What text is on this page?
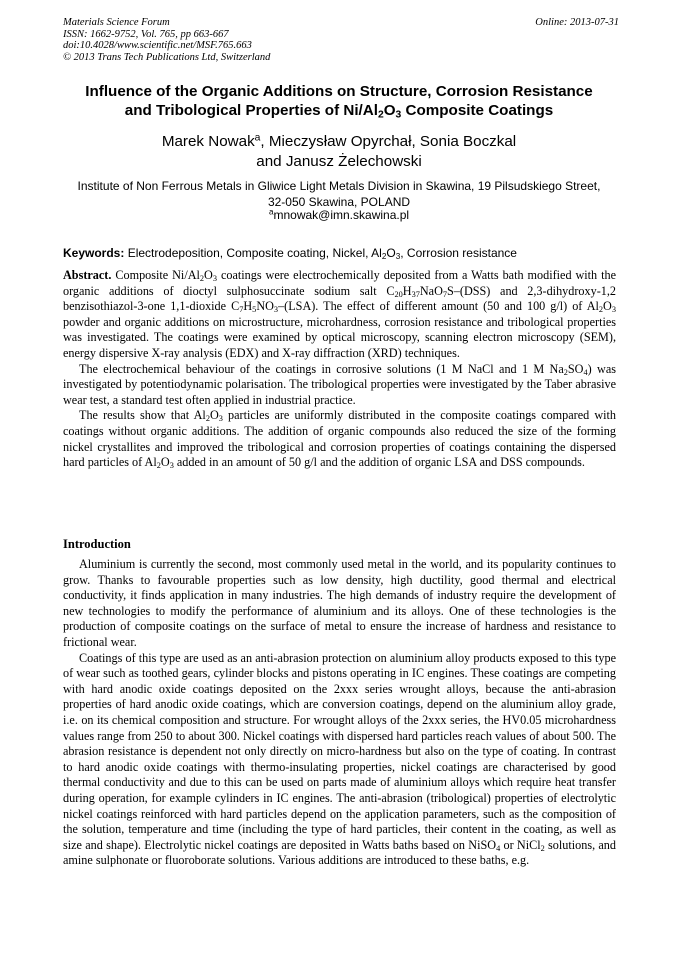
Materials Science Forum
ISSN: 1662-9752, Vol. 765, pp 663-667
doi:10.4028/www.scientific.net/MSF.765.663
© 2013 Trans Tech Publications Ltd, Switzerland
Online: 2013-07-31
Influence of the Organic Additions on Structure, Corrosion Resistance
and Tribological Properties of $Ni/Al_2O_3$ Composite Coatings
Marek Nowak$^a$, Mieczysław Opyrchał, Sonia Boczkal
and Janusz Żelechowski
Institute of Non Ferrous Metals in Gliwice Light Metals Division in Skawina, 19 Pilsudskiego Street,
32-050 Skawina, POLAND
$^a$mnowak@imn.skawina.pl
Keywords: Electrodeposition, Composite coating, Nickel, $Al_2O_3$, Corrosion resistance

Abstract. Composite $Ni/Al_2O_3$ coatings were electrochemically deposited from a Watts bath modified with the organic additions of dioctyl sulphosuccinate sodium salt $C_{20}H_{37}NaO_7S-(DSS)$ and 2,3-dihydroxy-1,2 benzisothiazol-3-one 1,1-dioxide $C_7H_5NO_3-(LSA)$. The effect of different amount (50 and 100 g/l) of $Al_2O_3$ powder and organic additions on microstructure, microhardness, corrosion resistance and tribological properties was investigated. The coatings were examined by optical microscopy, scanning electron microscopy (SEM), energy dispersive X-ray analysis (EDX) and X-ray diffraction (XRD) techniques.

The electrochemical behaviour of the coatings in corrosive solutions (1 M NaCl and 1 M $Na_2SO_4$) was investigated by potentiodynamic polarisation. The tribological properties were investigated by the Taber abrasive wear test, a standard test often applied in industrial practice.

The results show that $Al_2O_3$ particles are uniformly distributed in the composite coatings compared with coatings without organic additions. The addition of organic compounds also reduced the size of the forming nickel crystallites and improved the tribological and corrosion properties of coatings containing the dispersed hard particles of $Al_2O_3$ added in an amount of 50 g/l and the addition of organic LSA and DSS compounds.

Introduction

Aluminium is currently the second, most commonly used metal in the world, and its popularity continues to grow. Thanks to favourable properties such as low density, high ductility, good thermal and electrical conductivity, it finds application in many industries. The high demands of industry require the development of new technologies to modify the performance of aluminium and its alloys. One of these technologies is the production of composite coatings on the surface of metal to ensure the increase of hardness and resistance to frictional wear.

Coatings of this type are used as an anti-abrasion protection on aluminium alloy products exposed to this type of wear such as toothed gears, cylinder blocks and pistons operating in IC engines. These coatings are competing with hard anodic oxide coatings deposited on the 2xxx series wrought alloys, because the anti-abrasion properties of hard anodic oxide coatings, which are conversion coatings, depend on the aluminium alloy grade, i.e. on its chemical composition and structure. For wrought alloys of the 2xxx series, the HV0.05 microhardness values range from 250 to about 300. Nickel coatings with dispersed hard particles reach values of about 500. The abrasion resistance is dependent not only directly on micro-hardness but also on the type of coating. In contrast to hard anodic oxide coatings with thermo-insulating properties, nickel coatings are characterised by good thermal conductivity and due to this can be used on parts made of aluminium alloys which require heat transfer during operation, for example cylinders in IC engines. The anti-abrasion (tribological) properties of electrolytic nickel coatings reinforced with hard particles depend on the application parameters, such as the composition of the solution, temperature and time (including the type of hard particles, their content in the coating, as well as size and shape). Electrolytic nickel coatings are deposited in Watts baths based on NiSO$_4$ or NiCl$_2$ solutions, and amine sulphonate or fluoroborate solutions. Various additions are introduced to these baths, e.g.
